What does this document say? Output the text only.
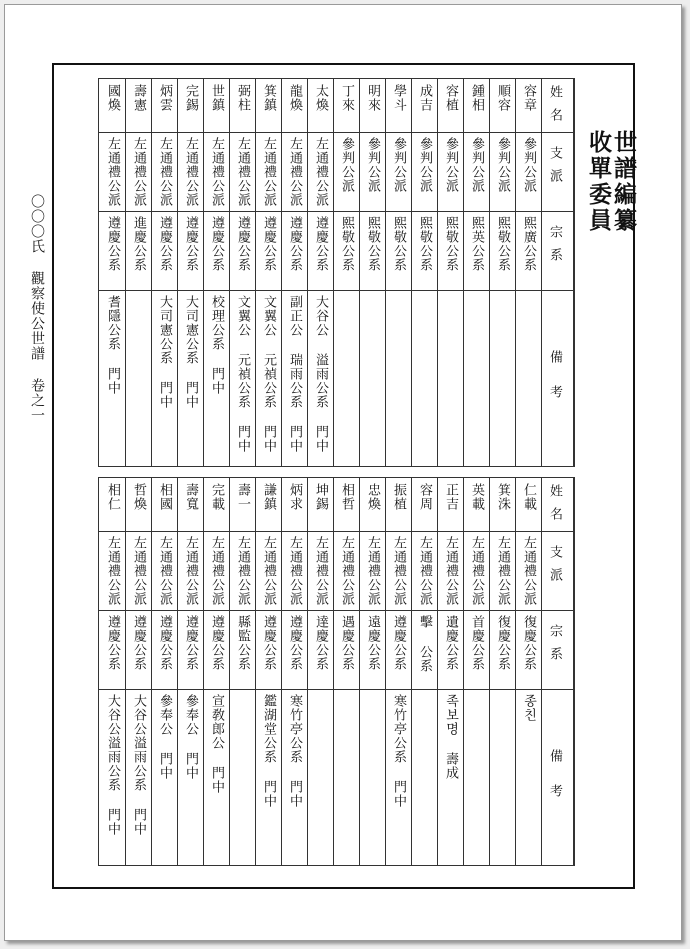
〇〇〇氏 觀察使公世譜 卷之一
世譜編纂
收單委員
姓名
支派
宗系
備考
容章
參判公派
熙廣公系
順容
參判公派
熙敬公系
鍾相
參判公派
熙英公系
容植
參判公派
熙敬公系
成吉
參判公派
熙敬公系
學斗
參判公派
熙敬公系
明來
參判公派
熙敬公系
丁來
參判公派
熙敬公系
太煥
左通禮公派
遵慶公系
大谷公 溢雨公系 門中
龍煥
左通禮公派
遵慶公系
副正公 瑞雨公系 門中
箕鎮
左通禮公派
遵慶公系
文翼公 元禎公系 門中
弼柱
左通禮公派
遵慶公系
文翼公 元禎公系 門中
世鎮
左通禮公派
遵慶公系
校理公系 門中
完錫
左通禮公派
遵慶公系
大司憲公系 門中
炳雲
左通禮公派
遵慶公系
大司憲公系 門中
壽憲
左通禮公派
進慶公系
國煥
左通禮公派
遵慶公系
耆隱公系 門中
姓名
支派
宗系
備考
仁載
左通禮公派
復慶公系
종친
箕洙
左通禮公派
復慶公系
英載
左通禮公派
首慶公系
正吉
左通禮公派
遺慶公系
족보명 壽成
容周
左通禮公派
擊 公系
振植
左通禮公派
遵慶公系
寒竹亭公系 門中
忠煥
左通禮公派
遠慶公系
相哲
左通禮公派
遇慶公系
坤錫
左通禮公派
達慶公系
炳求
左通禮公派
遵慶公系
寒竹亭公系 門中
謙鎮
左通禮公派
遵慶公系
鑑湖堂公系 門中
壽一
左通禮公派
縣監公系
完載
左通禮公派
遵慶公系
宣敎郎公 門中
壽寬
左通禮公派
遵慶公系
參奉公 門中
相國
左通禮公派
遵慶公系
參奉公 門中
哲煥
左通禮公派
遵慶公系
大谷公溢雨公系 門中
相仁
左通禮公派
遵慶公系
大谷公溢雨公系 門中
